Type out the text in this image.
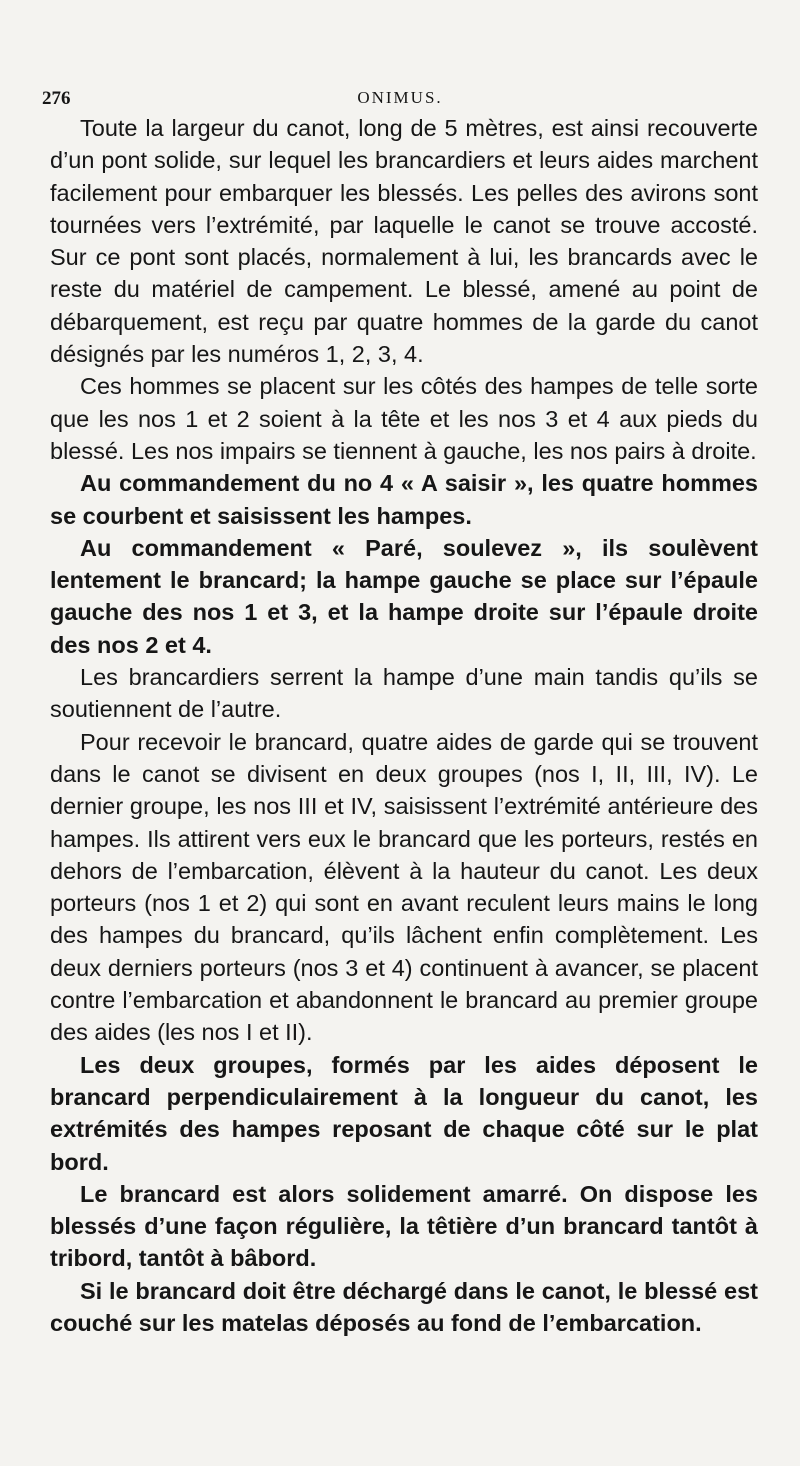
276	ONIMUS.

Toute la largeur du canot, long de 5 mètres, est ainsi recouverte d’un pont solide, sur lequel les brancardiers et leurs aides marchent facilement pour embarquer les blessés. Les pelles des avirons sont tournées vers l’extrémité, par laquelle le canot se trouve accosté. Sur ce pont sont placés, normalement à lui, les brancards avec le reste du matériel de campement. Le blessé, amené au point de débarquement, est reçu par quatre hommes de la garde du canot désignés par les numéros 1, 2, 3, 4.

Ces hommes se placent sur les côtés des hampes de telle sorte que les nos 1 et 2 soient à la tête et les nos 3 et 4 aux pieds du blessé. Les nos impairs se tiennent à gauche, les nos pairs à droite.

Au commandement du no 4 « A saisir », les quatre hommes se courbent et saisissent les hampes.

Au commandement « Paré, soulevez », ils soulèvent lentement le brancard; la hampe gauche se place sur l’épaule gauche des nos 1 et 3, et la hampe droite sur l’épaule droite des nos 2 et 4.

Les brancardiers serrent la hampe d’une main tandis qu’ils se soutiennent de l’autre.

Pour recevoir le brancard, quatre aides de garde qui se trouvent dans le canot se divisent en deux groupes (nos I, II, III, IV). Le dernier groupe, les nos III et IV, saisissent l’extrémité antérieure des hampes. Ils attirent vers eux le brancard que les porteurs, restés en dehors de l’embarcation, élèvent à la hauteur du canot. Les deux porteurs (nos 1 et 2) qui sont en avant reculent leurs mains le long des hampes du brancard, qu’ils lâchent enfin complètement. Les deux derniers porteurs (nos 3 et 4) continuent à avancer, se placent contre l’embarcation et abandonnent le brancard au premier groupe des aides (les nos I et II).

Les deux groupes, formés par les aides déposent le brancard perpendiculairement à la longueur du canot, les extrémités des hampes reposant de chaque côté sur le plat bord.

Le brancard est alors solidement amarré. On dispose les blessés d’une façon régulière, la têtière d’un brancard tantôt à tribord, tantôt à bâbord.

Si le brancard doit être déchargé dans le canot, le blessé est couché sur les matelas déposés au fond de l’embarcation.
